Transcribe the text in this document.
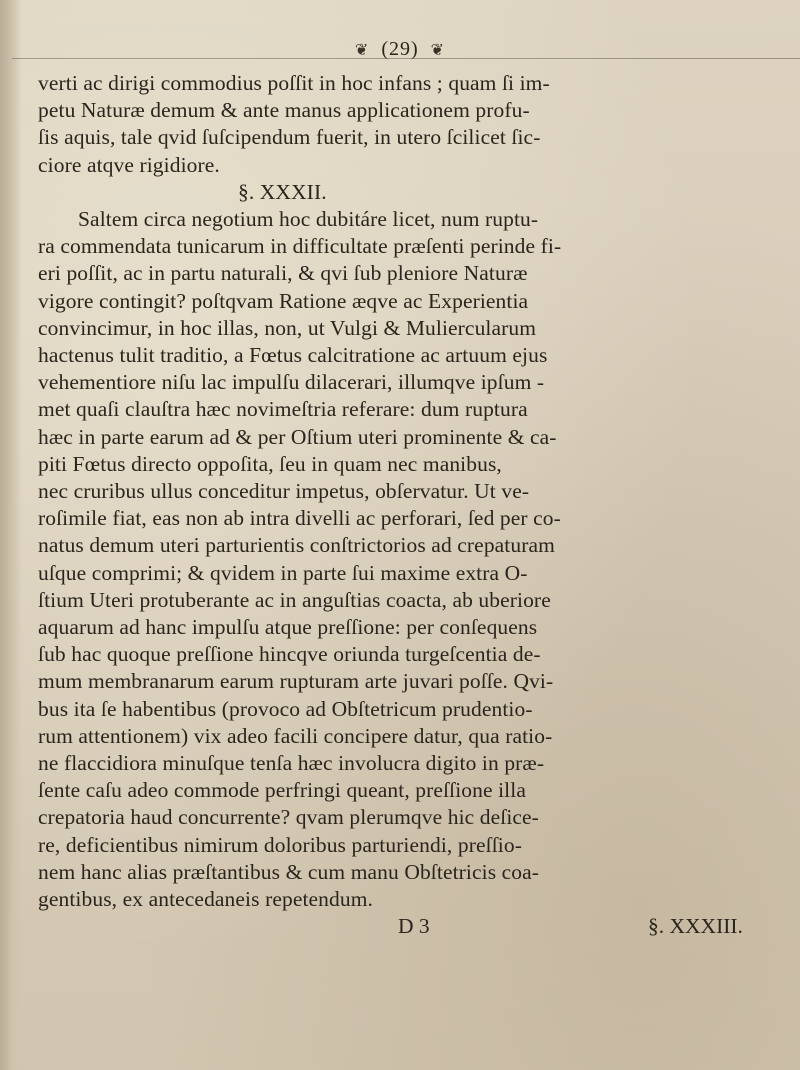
❦ (29) ❦
verti ac dirigi commodius poſſit in hoc infans ; quam ſi im-
petu Naturæ demum & ante manus applicationem profu-
ſis aquis, tale qvid ſuſcipendum fuerit, in utero ſcilicet ſic-
ciore atqve rigidiore.
§. XXXII.
Saltem circa negotium hoc dubitáre licet, num ruptu-
ra commendata tunicarum in difficultate præſenti perinde fi-
eri poſſit, ac in partu naturali, & qvi ſub pleniore Naturæ
vigore contingit? poſtqvam Ratione æqve ac Experientia
convincimur, in hoc illas, non, ut Vulgi & Muliercularum
hactenus tulit traditio, a Fœtus calcitratione ac artuum ejus
vehementiore niſu lac impulſu dilacerari, illumqve ipſum -
met quaſi clauſtra hæc novimeſtria referare: dum ruptura
hæc in parte earum ad & per Oſtium uteri prominente & ca-
piti Fœtus directo oppoſita, ſeu in quam nec manibus,
nec cruribus ullus conceditur impetus, obſervatur. Ut ve-
roſimile fiat, eas non ab intra divelli ac perforari, ſed per co-
natus demum uteri parturientis conſtrictorios ad crepaturam
uſque comprimi; & qvidem in parte ſui maxime extra O-
ſtium Uteri protuberante ac in anguſtias coacta, ab uberiore
aquarum ad hanc impulſu atque preſſione: per conſequens
ſub hac quoque preſſione hincqve oriunda turgeſcentia de-
mum membranarum earum rupturam arte juvari poſſe. Qvi-
bus ita ſe habentibus (provoco ad Obſtetricum prudentio-
rum attentionem) vix adeo facili concipere datur, qua ratio-
ne flaccidiora minuſque tenſa hæc involucra digito in præ-
ſente caſu adeo commode perfringi queant, preſſione illa
crepatoria haud concurrente? qvam plerumqve hic deſice-
re, deficientibus nimirum doloribus parturiendi, preſſio-
nem hanc alias præſtantibus & cum manu Obſtetricis coa-
gentibus, ex antecedaneis repetendum.
D 3	§. XXXIII.
